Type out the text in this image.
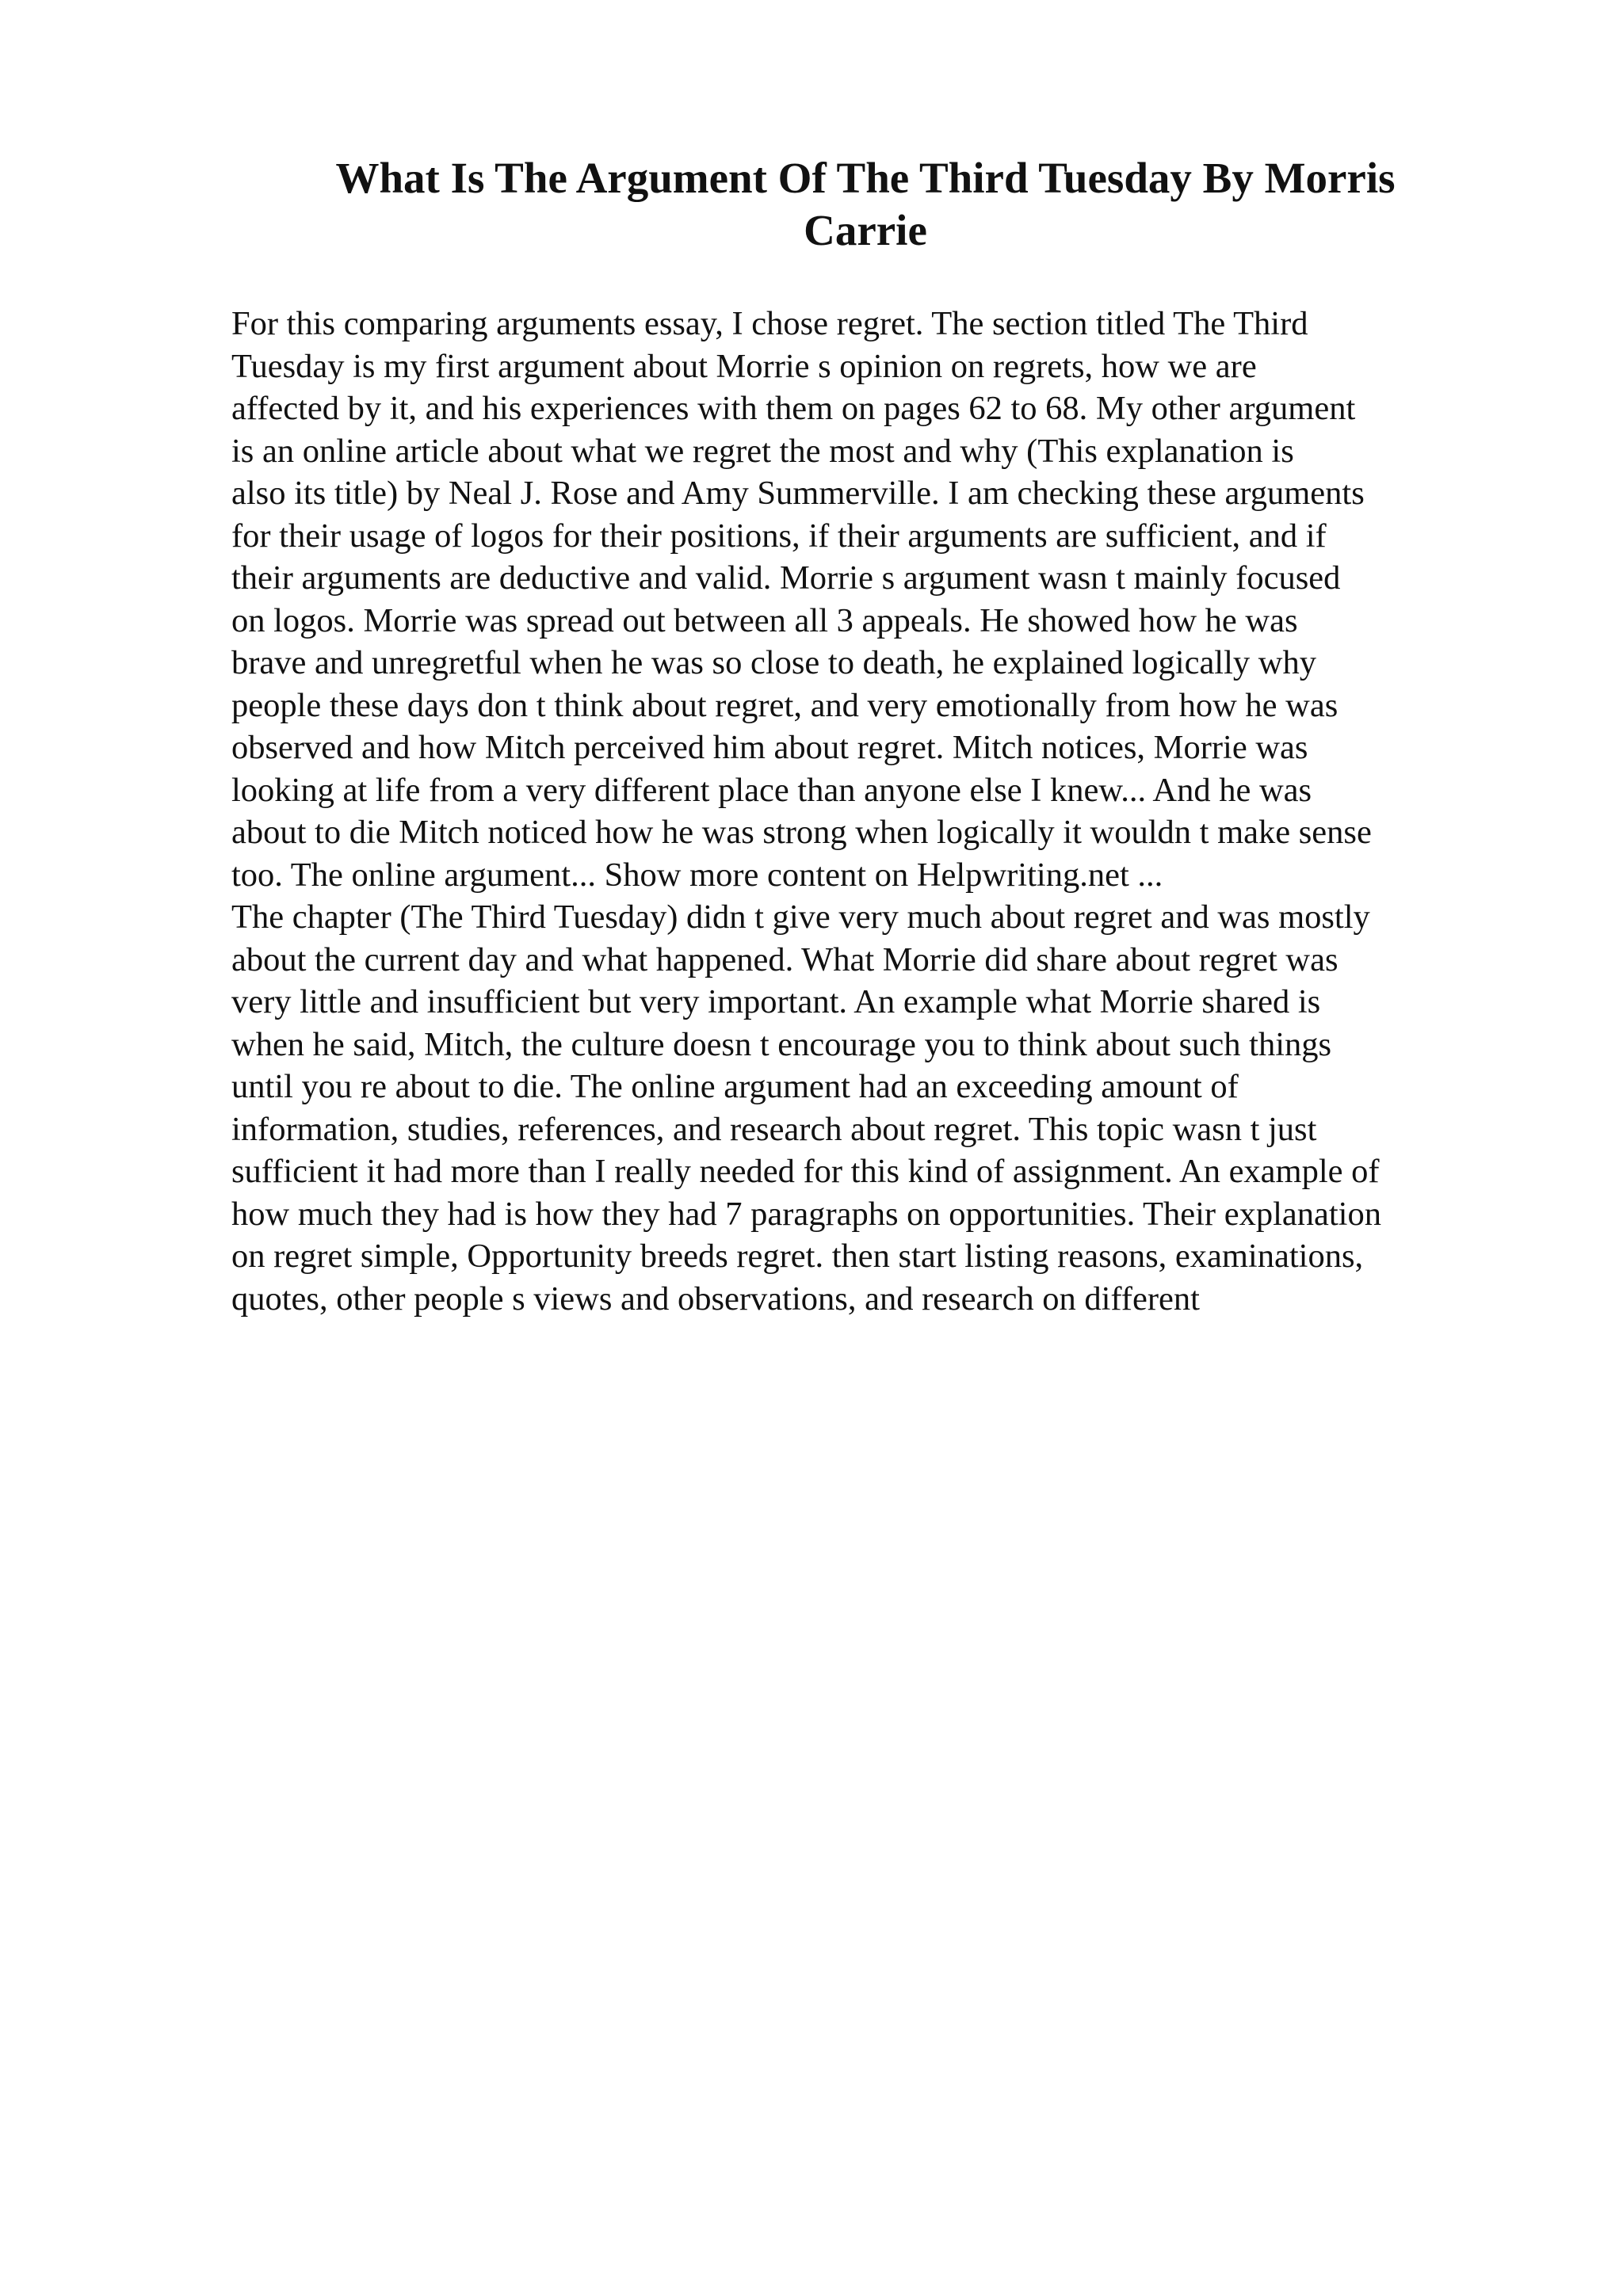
What Is The Argument Of The Third Tuesday By Morris
Carrie
For this comparing arguments essay, I chose regret. The section titled The Third
Tuesday is my first argument about Morrie s opinion on regrets, how we are
affected by it, and his experiences with them on pages 62 to 68. My other argument
is an online article about what we regret the most and why (This explanation is
also its title) by Neal J. Rose and Amy Summerville. I am checking these arguments
for their usage of logos for their positions, if their arguments are sufficient, and if
their arguments are deductive and valid. Morrie s argument wasn t mainly focused
on logos. Morrie was spread out between all 3 appeals. He showed how he was
brave and unregretful when he was so close to death, he explained logically why
people these days don t think about regret, and very emotionally from how he was
observed and how Mitch perceived him about regret. Mitch notices, Morrie was
looking at life from a very different place than anyone else I knew... And he was
about to die Mitch noticed how he was strong when logically it wouldn t make sense
too. The online argument... Show more content on Helpwriting.net ...
The chapter (The Third Tuesday) didn t give very much about regret and was mostly
about the current day and what happened. What Morrie did share about regret was
very little and insufficient but very important. An example what Morrie shared is
when he said, Mitch, the culture doesn t encourage you to think about such things
until you re about to die. The online argument had an exceeding amount of
information, studies, references, and research about regret. This topic wasn t just
sufficient it had more than I really needed for this kind of assignment. An example of
how much they had is how they had 7 paragraphs on opportunities. Their explanation
on regret simple, Opportunity breeds regret. then start listing reasons, examinations,
quotes, other people s views and observations, and research on different
